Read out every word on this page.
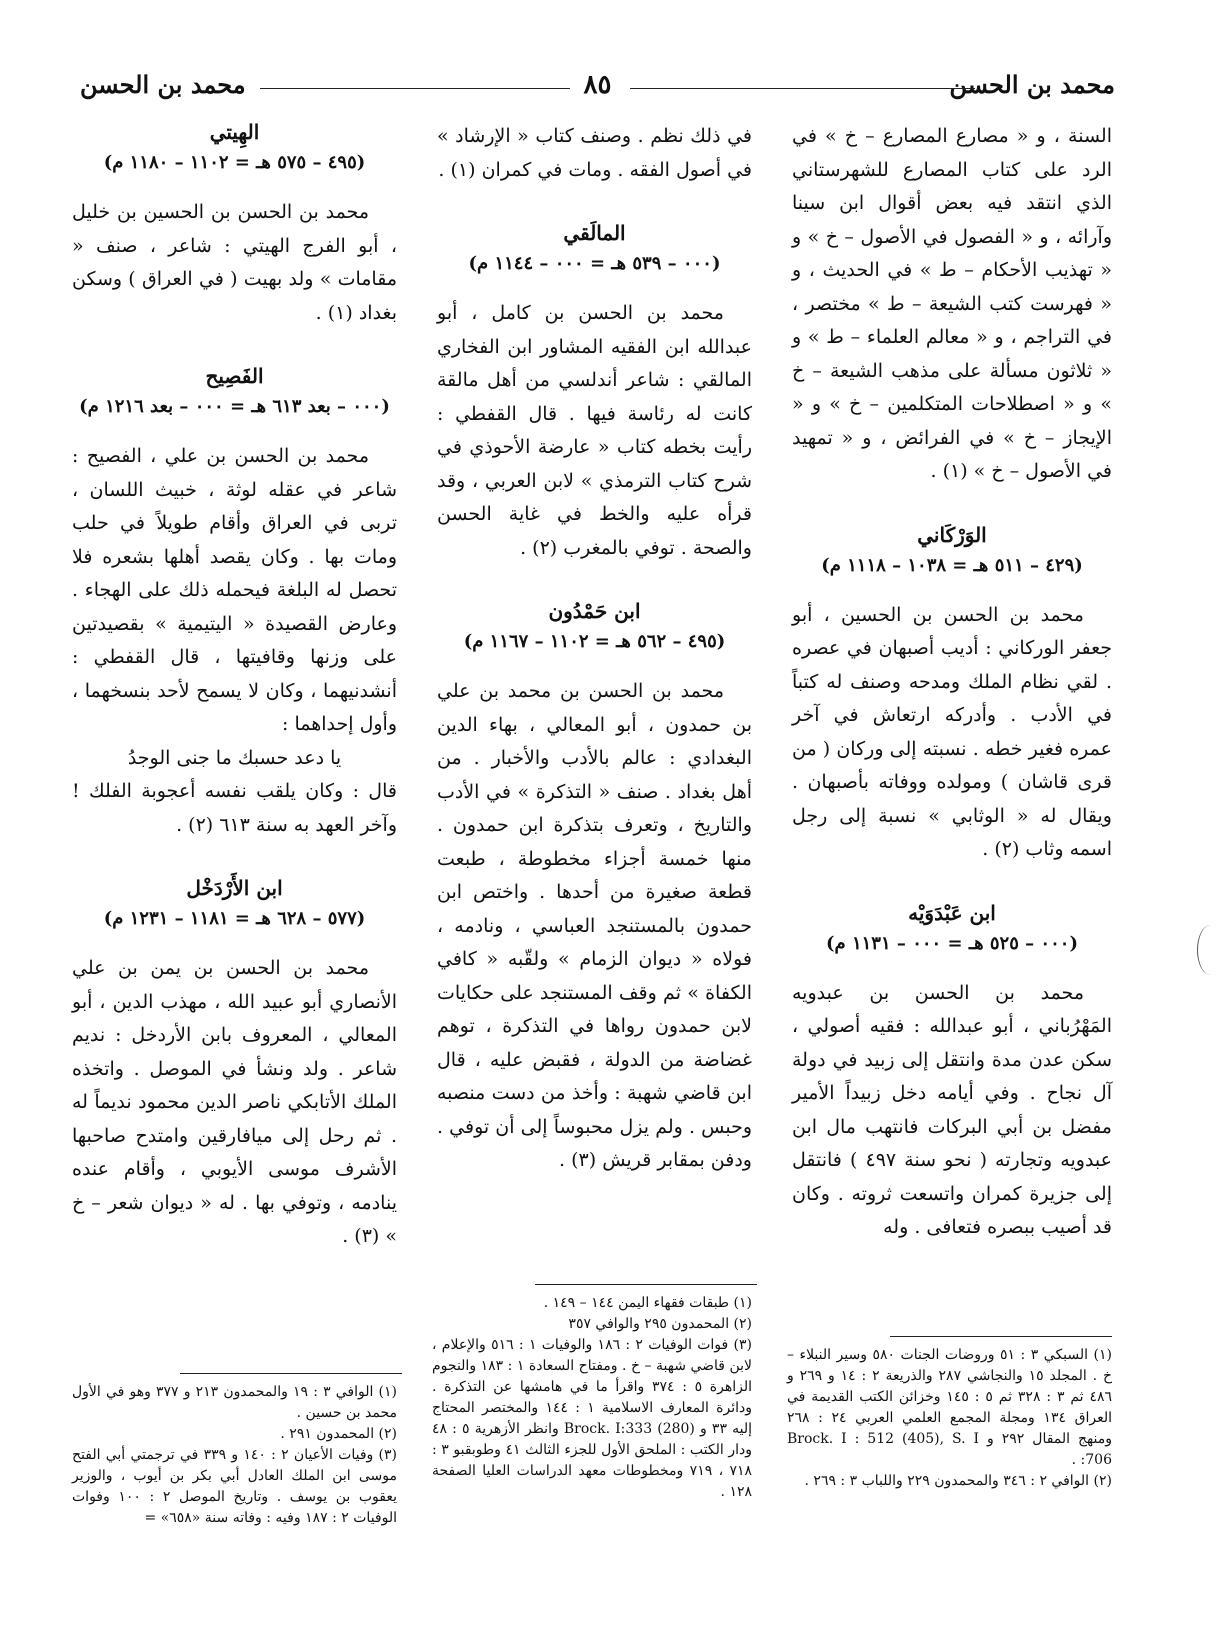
محمد بن الحسن
٨٥
محمد بن الحسن

السنة ، و « مصارع المصارع – خ » في الرد على كتاب المصارع للشهرستاني الذي انتقد فيه بعض أقوال ابن سينا وآرائه ، و « الفصول في الأصول – خ » و « تهذيب الأحكام – ط » في الحديث ، و « فهرست كتب الشيعة – ط » مختصر ، في التراجم ، و « معالم العلماء – ط » و « ثلاثون مسألة على مذهب الشيعة – خ » و « اصطلاحات المتكلمين – خ » و « الإيجاز – خ » في الفرائض ، و « تمهيد في الأصول – خ » (١) .

الوَرْكَاني
(٤٢٩ – ٥١١ هـ = ١٠٣٨ – ١١١٨ م)

محمد بن الحسن بن الحسين ، أبو جعفر الوركاني : أديب أصبهان في عصره . لقي نظام الملك ومدحه وصنف له كتباً في الأدب . وأدركه ارتعاش في آخر عمره فغير خطه . نسبته إلى وركان ( من قرى قاشان ) ومولده ووفاته بأصبهان . ويقال له « الوثابي » نسبة إلى رجل اسمه وثاب (٢) .

ابن عَبْدَوَيْه
(٠٠٠ – ٥٢٥ هـ = ٠٠٠ – ١١٣١ م)

محمد بن الحسن بن عبدويه المَهْرُباني ، أبو عبدالله : فقيه أصولي ، سكن عدن مدة وانتقل إلى زبيد في دولة آل نجاح . وفي أيامه دخل زبيداً الأمير مفضل بن أبي البركات فانتهب مال ابن عبدويه وتجارته ( نحو سنة ٤٩٧ ) فانتقل إلى جزيرة كمران واتسعت ثروته . وكان قد أصيب ببصره فتعافى . وله

في ذلك نظم . وصنف كتاب « الإرشاد » في أصول الفقه . ومات في كمران (١) .

المالَقي
(٠٠٠ – ٥٣٩ هـ = ٠٠٠ – ١١٤٤ م)

محمد بن الحسن بن كامل ، أبو عبدالله ابن الفقيه المشاور ابن الفخاري المالقي : شاعر أندلسي من أهل مالقة كانت له رئاسة فيها . قال القفطي : رأيت بخطه كتاب « عارضة الأحوذي في شرح كتاب الترمذي » لابن العربي ، وقد قرأه عليه والخط في غاية الحسن والصحة . توفي بالمغرب (٢) .

ابن حَمْدُون
(٤٩٥ – ٥٦٢ هـ = ١١٠٢ – ١١٦٧ م)

محمد بن الحسن بن محمد بن علي بن حمدون ، أبو المعالي ، بهاء الدين البغدادي : عالم بالأدب والأخبار . من أهل بغداد . صنف « التذكرة » في الأدب والتاريخ ، وتعرف بتذكرة ابن حمدون . منها خمسة أجزاء مخطوطة ، طبعت قطعة صغيرة من أحدها . واختص ابن حمدون بالمستنجد العباسي ، ونادمه ، فولاه « ديوان الزمام » ولقّبه « كافي الكفاة » ثم وقف المستنجد على حكايات لابن حمدون رواها في التذكرة ، توهم غضاضة من الدولة ، فقبض عليه ، قال ابن قاضي شهبة : وأخذ من دست منصبه وحبس . ولم يزل محبوساً إلى أن توفي . ودفن بمقابر قريش (٣) .

الهِيتي
(٤٩٥ – ٥٧٥ هـ = ١١٠٢ – ١١٨٠ م)

محمد بن الحسن بن الحسين بن خليل ، أبو الفرج الهيتي : شاعر ، صنف « مقامات » ولد بهيت ( في العراق ) وسكن بغداد (١) .

الفَصِيح
(٠٠٠ – بعد ٦١٣ هـ = ٠٠٠ – بعد ١٢١٦ م)

محمد بن الحسن بن علي ، الفصيح : شاعر في عقله لوثة ، خبيث اللسان ، تربى في العراق وأقام طويلاً في حلب ومات بها . وكان يقصد أهلها بشعره فلا تحصل له البلغة فيحمله ذلك على الهجاء . وعارض القصيدة « اليتيمية » بقصيدتين على وزنها وقافيتها ، قال القفطي : أنشدنيهما ، وكان لا يسمح لأحد بنسخهما ، وأول إحداهما :

يا دعد حسبك ما جنى الوجدُ

قال : وكان يلقب نفسه أعجوبة الفلك ! وآخر العهد به سنة ٦١٣ (٢) .

ابن الأَرْدَخْل
(٥٧٧ – ٦٢٨ هـ = ١١٨١ – ١٢٣١ م)

محمد بن الحسن بن يمن بن علي الأنصاري أبو عبيد الله ، مهذب الدين ، أبو المعالي ، المعروف بابن الأردخل : نديم شاعر . ولد ونشأ في الموصل . واتخذه الملك الأتابكي ناصر الدين محمود نديماً له . ثم رحل إلى ميافارقين وامتدح صاحبها الأشرف موسى الأيوبي ، وأقام عنده ينادمه ، وتوفي بها . له « ديوان شعر – خ » (٣) .

(١) السبكي ٣ : ٥١ وروضات الجنات ٥٨٠ وسير النبلاء – خ . المجلد ١٥ والنجاشي ٢٨٧ والذريعة ٢ : ١٤ و ٢٦٩ و ٤٨٦ ثم ٣ : ٣٢٨ ثم ٥ : ١٤٥ وخزائن الكتب القديمة في العراق ١٣٤ ومجلة المجمع العلمي العربي ٢٤ : ٢٦٨ ومنهج المقال ٢٩٢ و Brock. I : 512 (405), S. I :706 .

(٢) الوافي ٢ : ٣٤٦ والمحمدون ٢٢٩ واللباب ٣ : ٢٦٩ .

(١) طبقات فقهاء اليمن ١٤٤ – ١٤٩ .

(٢) المحمدون ٢٩٥ والوافي ٣٥٧

(٣) فوات الوفيات ٢ : ١٨٦ والوفيات ١ : ٥١٦ والإعلام ، لابن قاضي شهبة – خ . ومفتاح السعادة ١ : ١٨٣ والنجوم الزاهرة ٥ : ٣٧٤ واقرأ ما في هامشها عن التذكرة . ودائرة المعارف الاسلامية ١ : ١٤٤ والمختصر المحتاج إليه ٣٣ و Brock. I:333 (280) وانظر الأزهرية ٥ : ٤٨ ودار الكتب : الملحق الأول للجزء الثالث ٤١ وطوبقبو ٣ : ٧١٨ ، ٧١٩ ومخطوطات معهد الدراسات العليا الصفحة ١٢٨ .

(١) الوافي ٣ : ١٩ والمحمدون ٢١٣ و ٣٧٧ وهو في الأول محمد بن حسين .

(٢) المحمدون ٢٩١ .

(٣) وفيات الأعيان ٢ : ١٤٠ و ٣٣٩ في ترجمتي أبي الفتح موسى ابن الملك العادل أبي بكر بن أيوب ، والوزير يعقوب بن يوسف . وتاريخ الموصل ٢ : ١٠٠ وفوات الوفيات ٢ : ١٨٧ وفيه : وفاته سنة «٦٥٨» =
